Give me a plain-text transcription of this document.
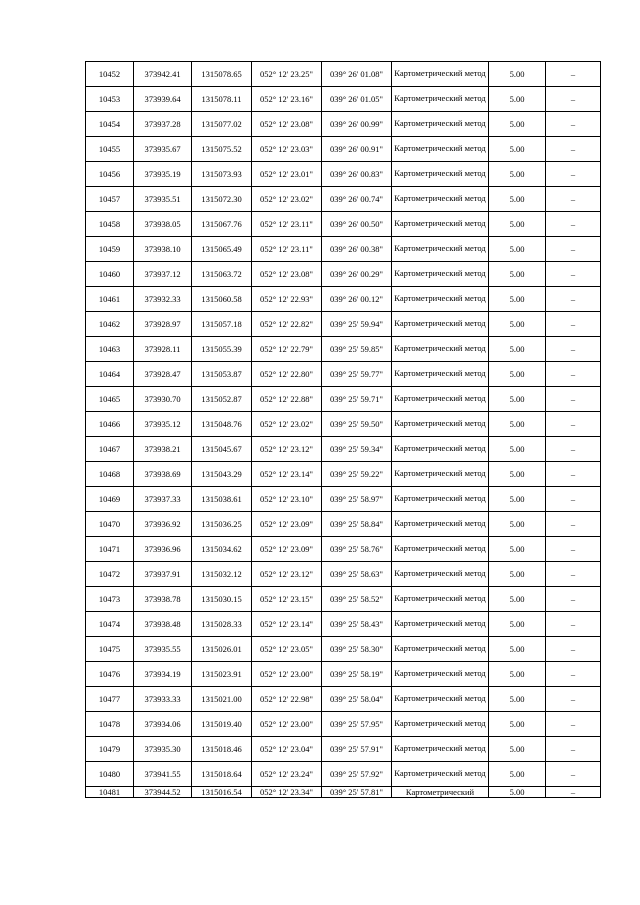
10452	373942.41	1315078.65	052° 12' 23.25"	039° 26' 01.08"	Картометрический метод	5.00	–
10453	373939.64	1315078.11	052° 12' 23.16"	039° 26' 01.05"	Картометрический метод	5.00	–
10454	373937.28	1315077.02	052° 12' 23.08"	039° 26' 00.99"	Картометрический метод	5.00	–
10455	373935.67	1315075.52	052° 12' 23.03"	039° 26' 00.91"	Картометрический метод	5.00	–
10456	373935.19	1315073.93	052° 12' 23.01"	039° 26' 00.83"	Картометрический метод	5.00	–
10457	373935.51	1315072.30	052° 12' 23.02"	039° 26' 00.74"	Картометрический метод	5.00	–
10458	373938.05	1315067.76	052° 12' 23.11"	039° 26' 00.50"	Картометрический метод	5.00	–
10459	373938.10	1315065.49	052° 12' 23.11"	039° 26' 00.38"	Картометрический метод	5.00	–
10460	373937.12	1315063.72	052° 12' 23.08"	039° 26' 00.29"	Картометрический метод	5.00	–
10461	373932.33	1315060.58	052° 12' 22.93"	039° 26' 00.12"	Картометрический метод	5.00	–
10462	373928.97	1315057.18	052° 12' 22.82"	039° 25' 59.94"	Картометрический метод	5.00	–
10463	373928.11	1315055.39	052° 12' 22.79"	039° 25' 59.85"	Картометрический метод	5.00	–
10464	373928.47	1315053.87	052° 12' 22.80"	039° 25' 59.77"	Картометрический метод	5.00	–
10465	373930.70	1315052.87	052° 12' 22.88"	039° 25' 59.71"	Картометрический метод	5.00	–
10466	373935.12	1315048.76	052° 12' 23.02"	039° 25' 59.50"	Картометрический метод	5.00	–
10467	373938.21	1315045.67	052° 12' 23.12"	039° 25' 59.34"	Картометрический метод	5.00	–
10468	373938.69	1315043.29	052° 12' 23.14"	039° 25' 59.22"	Картометрический метод	5.00	–
10469	373937.33	1315038.61	052° 12' 23.10"	039° 25' 58.97"	Картометрический метод	5.00	–
10470	373936.92	1315036.25	052° 12' 23.09"	039° 25' 58.84"	Картометрический метод	5.00	–
10471	373936.96	1315034.62	052° 12' 23.09"	039° 25' 58.76"	Картометрический метод	5.00	–
10472	373937.91	1315032.12	052° 12' 23.12"	039° 25' 58.63"	Картометрический метод	5.00	–
10473	373938.78	1315030.15	052° 12' 23.15"	039° 25' 58.52"	Картометрический метод	5.00	–
10474	373938.48	1315028.33	052° 12' 23.14"	039° 25' 58.43"	Картометрический метод	5.00	–
10475	373935.55	1315026.01	052° 12' 23.05"	039° 25' 58.30"	Картометрический метод	5.00	–
10476	373934.19	1315023.91	052° 12' 23.00"	039° 25' 58.19"	Картометрический метод	5.00	–
10477	373933.33	1315021.00	052° 12' 22.98"	039° 25' 58.04"	Картометрический метод	5.00	–
10478	373934.06	1315019.40	052° 12' 23.00"	039° 25' 57.95"	Картометрический метод	5.00	–
10479	373935.30	1315018.46	052° 12' 23.04"	039° 25' 57.91"	Картометрический метод	5.00	–
10480	373941.55	1315018.64	052° 12' 23.24"	039° 25' 57.92"	Картометрический метод	5.00	–
10481	373944.52	1315016.54	052° 12' 23.34"	039° 25' 57.81"	Картометрический	5.00	–
